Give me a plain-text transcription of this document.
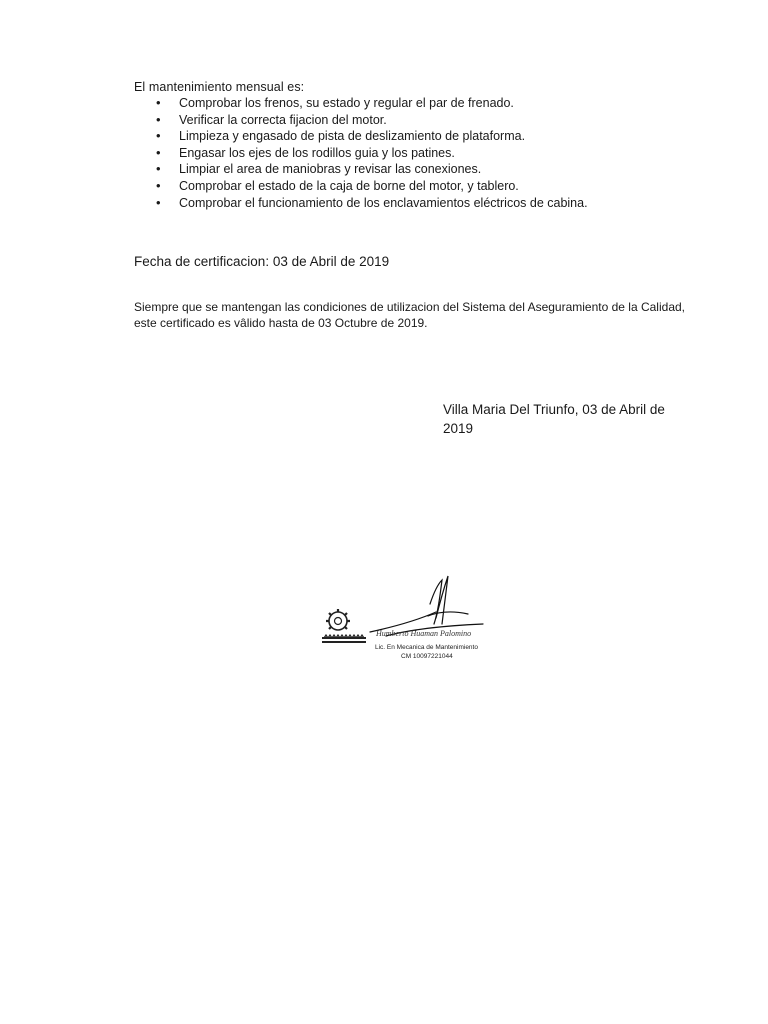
El mantenimiento mensual es:
• Comprobar los frenos, su estado y regular el par de frenado.
• Verificar la correcta fijacion del motor.
• Limpieza y engasado de pista de deslizamiento de plataforma.
• Engasar los ejes de los rodillos guia y los patines.
• Limpiar el area de maniobras y revisar las conexiones.
• Comprobar el estado de la caja de borne del motor, y tablero.
• Comprobar el funcionamiento de los enclavamientos eléctricos de cabina.
Fecha de certificacion: 03 de Abril de 2019
Siempre que se mantengan las condiciones de utilizacion del Sistema del Aseguramiento de la Calidad, este certificado es vâlido hasta de 03 Octubre de 2019.
Villa Maria Del Triunfo, 03 de Abril de 2019
Humberto Huaman Palomino
Lic. En Mecanica de Mantenimiento
CM 10097221044
